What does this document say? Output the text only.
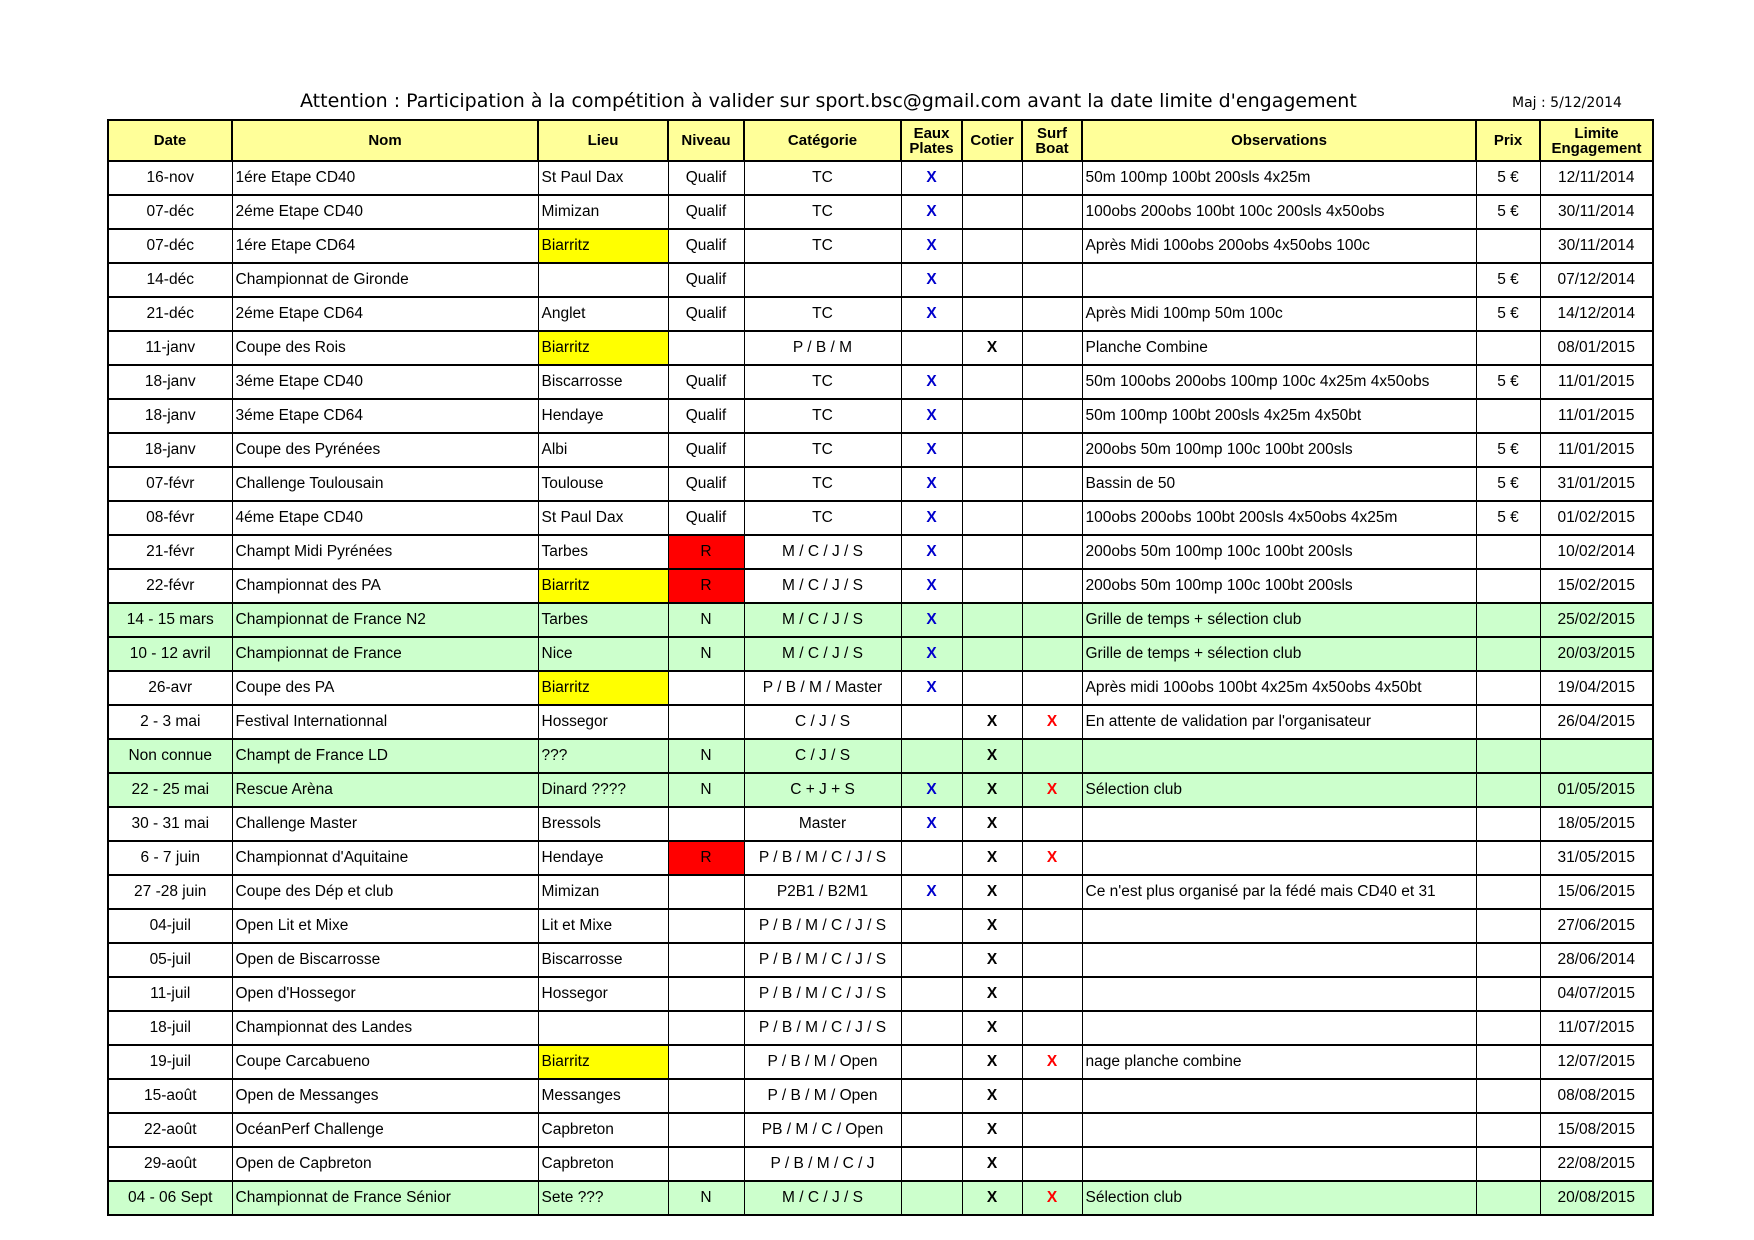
Attention : Participation à la compétition à valider sur sport.bsc@gmail.com avant la date limite d'engagement	Maj : 5/12/2014
Date	Nom	Lieu	Niveau	Catégorie	Eaux Plates	Cotier	Surf Boat	Observations	Prix	Limite Engagement
16-nov	1ére Etape CD40	St Paul Dax	Qualif	TC	X			50m 100mp 100bt 200sls 4x25m	5 €	12/11/2014
07-déc	2éme Etape CD40	Mimizan	Qualif	TC	X			100obs 200obs 100bt 100c 200sls 4x50obs	5 €	30/11/2014
07-déc	1ére Etape CD64	Biarritz	Qualif	TC	X			Après Midi 100obs 200obs 4x50obs 100c		30/11/2014
14-déc	Championnat de Gironde		Qualif		X				5 €	07/12/2014
21-déc	2éme Etape CD64	Anglet	Qualif	TC	X			Après Midi 100mp 50m 100c	5 €	14/12/2014
11-janv	Coupe des Rois	Biarritz		P / B / M		X		Planche Combine		08/01/2015
18-janv	3éme Etape CD40	Biscarrosse	Qualif	TC	X			50m 100obs 200obs 100mp 100c 4x25m 4x50obs	5 €	11/01/2015
18-janv	3éme Etape CD64	Hendaye	Qualif	TC	X			50m 100mp 100bt 200sls 4x25m 4x50bt		11/01/2015
18-janv	Coupe des Pyrénées	Albi	Qualif	TC	X			200obs 50m 100mp 100c 100bt 200sls	5 €	11/01/2015
07-févr	Challenge Toulousain	Toulouse	Qualif	TC	X			Bassin de 50	5 €	31/01/2015
08-févr	4éme Etape CD40	St Paul Dax	Qualif	TC	X			100obs 200obs 100bt 200sls 4x50obs 4x25m	5 €	01/02/2015
21-févr	Champt Midi Pyrénées	Tarbes	R	M / C / J / S	X			200obs 50m 100mp 100c 100bt 200sls		10/02/2014
22-févr	Championnat des PA	Biarritz	R	M / C / J / S	X			200obs 50m 100mp 100c 100bt 200sls		15/02/2015
14 - 15 mars	Championnat de France N2	Tarbes	N	M / C / J / S	X			Grille de temps + sélection club		25/02/2015
10 - 12 avril	Championnat de France	Nice	N	M / C / J / S	X			Grille de temps + sélection club		20/03/2015
26-avr	Coupe des PA	Biarritz		P / B / M / Master	X			Après midi 100obs 100bt 4x25m 4x50obs 4x50bt		19/04/2015
2 - 3 mai	Festival Internationnal	Hossegor		C / J / S		X	X	En attente de validation par l'organisateur		26/04/2015
Non connue	Champt de France LD	???	N	C / J / S		X				
22 - 25 mai	Rescue Arèna	Dinard ????	N	C + J + S	X	X	X	Sélection club		01/05/2015
30 - 31 mai	Challenge Master	Bressols		Master	X	X				18/05/2015
6 - 7 juin	Championnat d'Aquitaine	Hendaye	R	P / B / M / C / J / S		X	X			31/05/2015
27 -28 juin	Coupe des Dép et club	Mimizan		P2B1 / B2M1	X	X		Ce n'est plus organisé par la fédé mais CD40 et 31		15/06/2015
04-juil	Open Lit et Mixe	Lit et Mixe		P / B / M / C / J / S		X				27/06/2015
05-juil	Open de Biscarrosse	Biscarrosse		P / B / M / C / J / S		X				28/06/2014
11-juil	Open d'Hossegor	Hossegor		P / B / M / C / J / S		X				04/07/2015
18-juil	Championnat des Landes			P / B / M / C / J / S		X				11/07/2015
19-juil	Coupe Carcabueno	Biarritz		P / B / M / Open		X	X	nage planche combine		12/07/2015
15-août	Open de Messanges	Messanges		P / B / M / Open		X				08/08/2015
22-août	OcéanPerf Challenge	Capbreton		PB / M / C / Open		X				15/08/2015
29-août	Open de Capbreton	Capbreton		P / B / M / C / J		X				22/08/2015
04 - 06 Sept	Championnat de France Sénior	Sete ???	N	M / C / J / S		X	X	Sélection club		20/08/2015
